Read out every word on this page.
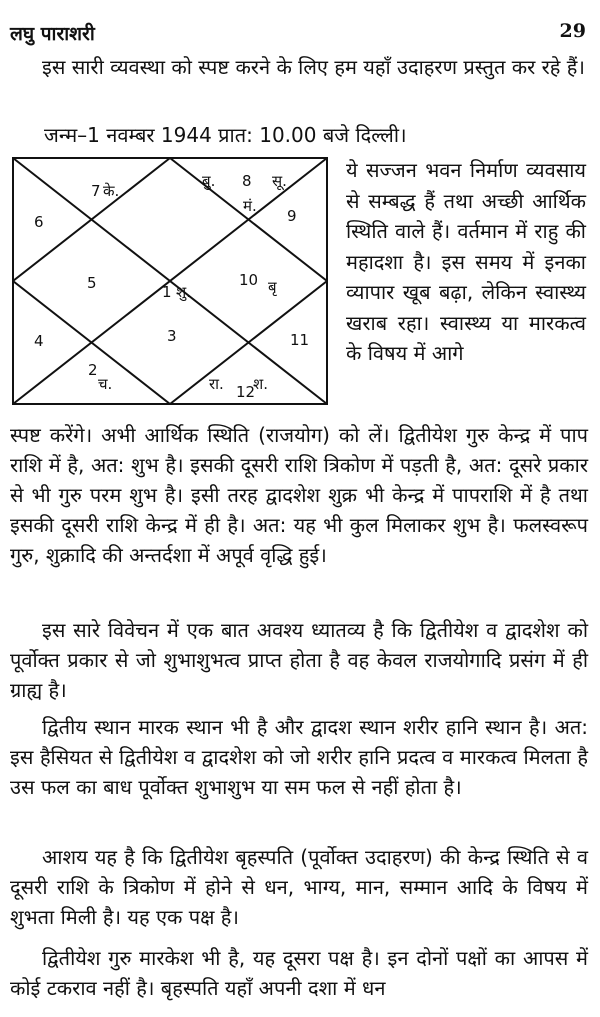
लघु पाराशरी	29

इस सारी व्यवस्था को स्पष्ट करने के लिए हम यहाँ उदाहरण प्रस्तुत कर रहे हैं।

जन्म–1 नवम्बर 1944 प्रात: 10.00 बजे दिल्ली।
1
2
3
4
5
6
7
8
9
10
11
12
शु.
के.
बु.	सू.
मं.
बृ
च.	रा. श.

ये सज्जन भवन निर्माण व्यवसाय से सम्बद्ध हैं तथा अच्छी आर्थिक स्थिति वाले हैं। वर्तमान में राहु की महादशा है। इस समय में इनका व्यापार खूब बढ़ा, लेकिन स्वास्थ्य खराब रहा। स्वास्थ्य या मारकत्व के विषय में आगे

स्पष्ट करेंगे। अभी आर्थिक स्थिति (राजयोग) को लें। द्वितीयेश गुरु केन्द्र में पाप राशि में है, अत: शुभ है। इसकी दूसरी राशि त्रिकोण में पड़ती है, अत: दूसरे प्रकार से भी गुरु परम शुभ है। इसी तरह द्वादशेश शुक्र भी केन्द्र में पापराशि में है तथा इसकी दूसरी राशि केन्द्र में ही है। अत: यह भी कुल मिलाकर शुभ है। फलस्वरूप गुरु, शुक्रादि की अन्तर्दशा में अपूर्व वृद्धि हुई।

इस सारे विवेचन में एक बात अवश्य ध्यातव्य है कि द्वितीयेश व द्वादशेश को पूर्वोक्त प्रकार से जो शुभाशुभत्व प्राप्त होता है वह केवल राजयोगादि प्रसंग में ही ग्राह्य है।

द्वितीय स्थान मारक स्थान भी है और द्वादश स्थान शरीर हानि स्थान है। अत: इस हैसियत से द्वितीयेश व द्वादशेश को जो शरीर हानि प्रदत्व व मारकत्व मिलता है उस फल का बाध पूर्वोक्त शुभाशुभ या सम फल से नहीं होता है।

आशय यह है कि द्वितीयेश बृहस्पति (पूर्वोक्त उदाहरण) की केन्द्र स्थिति से व दूसरी राशि के त्रिकोण में होने से धन, भाग्य, मान, सम्मान आदि के विषय में शुभता मिली है। यह एक पक्ष है।

द्वितीयेश गुरु मारकेश भी है, यह दूसरा पक्ष है। इन दोनों पक्षों का आपस में कोई टकराव नहीं है। बृहस्पति यहाँ अपनी दशा में धन
